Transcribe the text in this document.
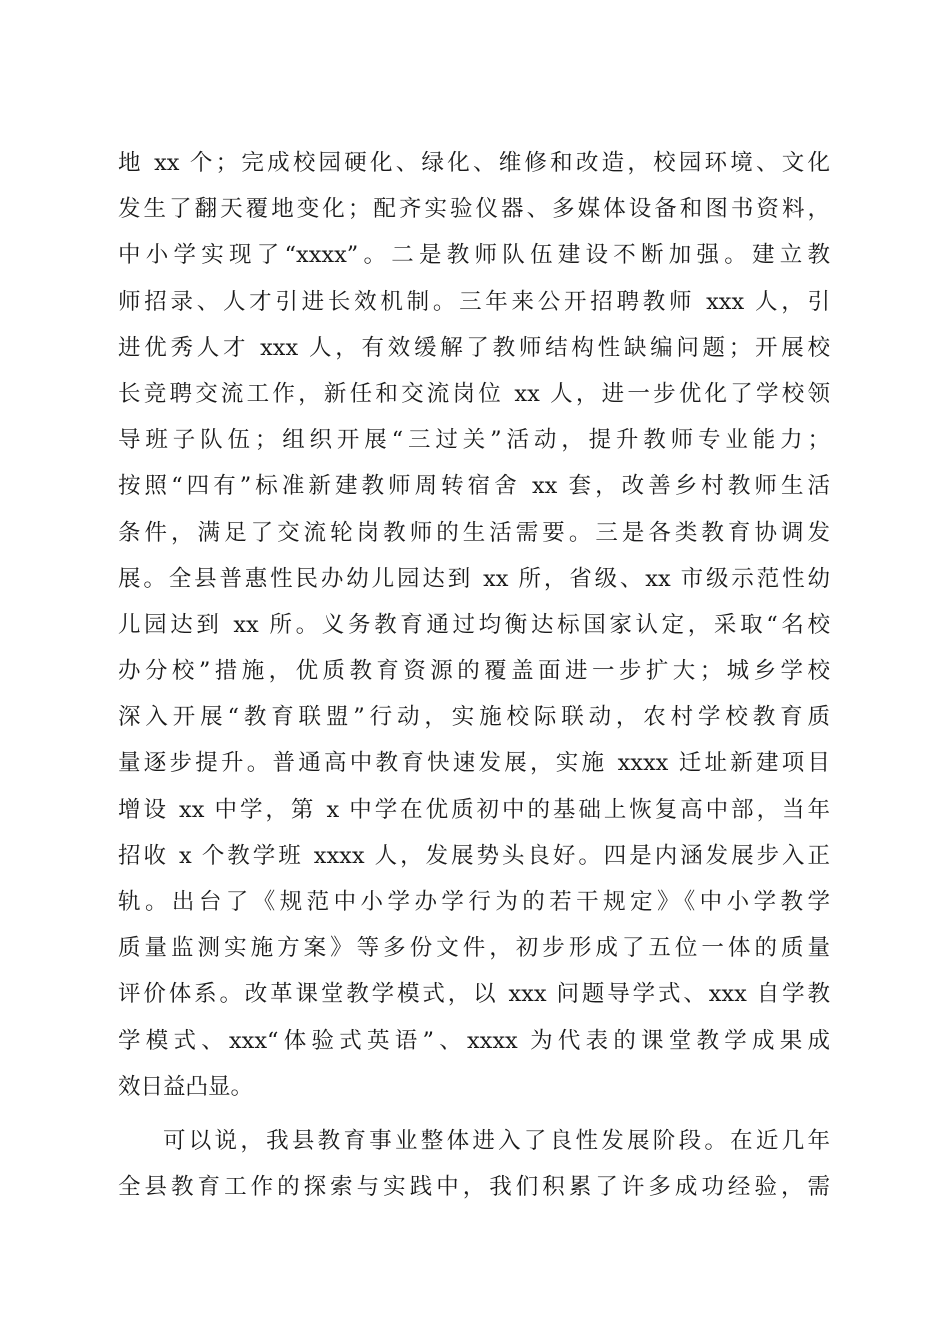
地 xx 个；完成校园硬化、绿化、维修和改造，校园环境、文化
发生了翻天覆地变化；配齐实验仪器、多媒体设备和图书资料，
中小学实现了“xxxx”。二是教师队伍建设不断加强。建立教
师招录、人才引进长效机制。三年来公开招聘教师 xxx 人，引
进优秀人才 xxx 人，有效缓解了教师结构性缺编问题；开展校
长竞聘交流工作，新任和交流岗位 xx 人，进一步优化了学校领
导班子队伍；组织开展“三过关”活动，提升教师专业能力；
按照“四有”标准新建教师周转宿舍 xx 套，改善乡村教师生活
条件，满足了交流轮岗教师的生活需要。三是各类教育协调发
展。全县普惠性民办幼儿园达到 xx 所，省级、xx 市级示范性幼
儿园达到 xx 所。义务教育通过均衡达标国家认定，采取“名校
办分校”措施，优质教育资源的覆盖面进一步扩大；城乡学校
深入开展“教育联盟”行动，实施校际联动，农村学校教育质
量逐步提升。普通高中教育快速发展，实施 xxxx 迁址新建项目
增设 xx 中学，第 x 中学在优质初中的基础上恢复高中部，当年
招收 x 个教学班 xxxx 人，发展势头良好。四是内涵发展步入正
轨。出台了《规范中小学办学行为的若干规定》《中小学教学
质量监测实施方案》等多份文件，初步形成了五位一体的质量
评价体系。改革课堂教学模式，以 xxx 问题导学式、xxx 自学教
学模式、xxx“体验式英语”、xxxx 为代表的课堂教学成果成
效日益凸显。
可以说，我县教育事业整体进入了良性发展阶段。在近几年
全县教育工作的探索与实践中，我们积累了许多成功经验，需
